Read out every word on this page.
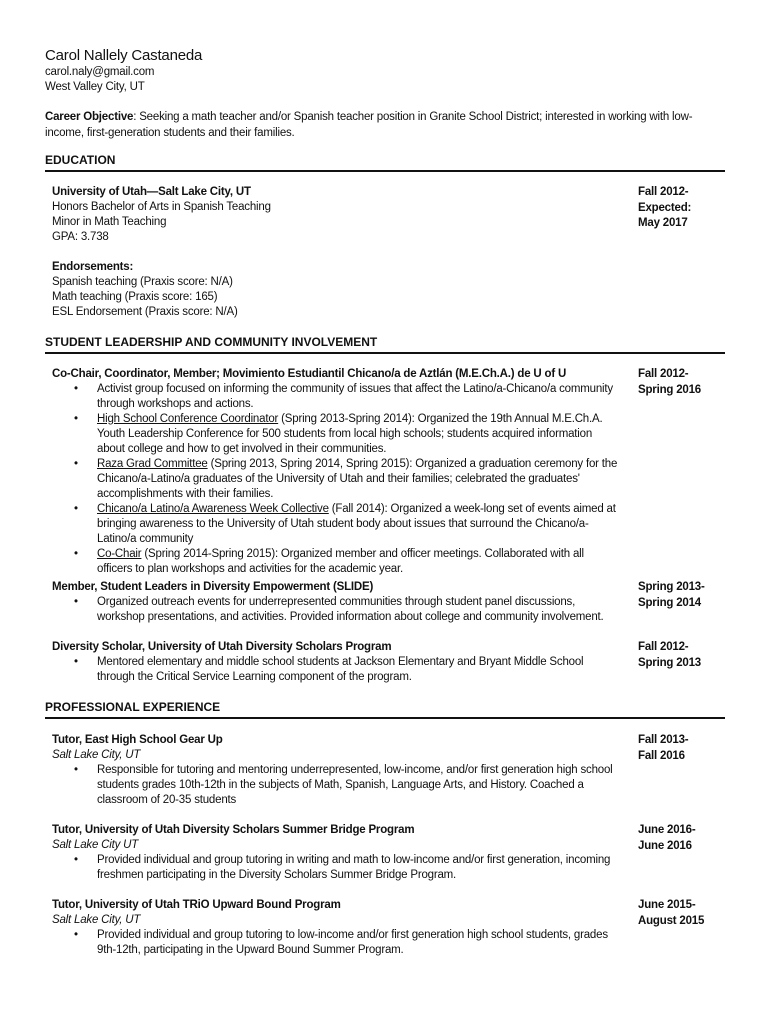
Carol Nallely Castaneda
carol.naly@gmail.com
West Valley City, UT
Career Objective: Seeking a math teacher and/or Spanish teacher position in Granite School District; interested in working with low-income, first-generation students and their families.
EDUCATION
University of Utah—Salt Lake City, UT
Honors Bachelor of Arts in Spanish Teaching
Minor in Math Teaching
GPA: 3.738
Endorsements:
Spanish teaching (Praxis score: N/A)
Math teaching (Praxis score: 165)
ESL Endorsement (Praxis score: N/A)
Fall 2012-
Expected:
May 2017
STUDENT LEADERSHIP AND COMMUNITY INVOLVEMENT
Co-Chair, Coordinator, Member; Movimiento Estudiantil Chicano/a de Aztlán (M.E.Ch.A.) de U of U
• Activist group focused on informing the community of issues that affect the Latino/a-Chicano/a community through workshops and actions.
• High School Conference Coordinator (Spring 2013-Spring 2014): Organized the 19th Annual M.E.Ch.A. Youth Leadership Conference for 500 students from local high schools; students acquired information about college and how to get involved in their communities.
• Raza Grad Committee (Spring 2013, Spring 2014, Spring 2015): Organized a graduation ceremony for the Chicano/a-Latino/a graduates of the University of Utah and their families; celebrated the graduates' accomplishments with their families.
• Chicano/a Latino/a Awareness Week Collective (Fall 2014): Organized a week-long set of events aimed at bringing awareness to the University of Utah student body about issues that surround the Chicano/a-Latino/a community
• Co-Chair (Spring 2014-Spring 2015): Organized member and officer meetings. Collaborated with all officers to plan workshops and activities for the academic year.
Fall 2012-
Spring 2016
Member, Student Leaders in Diversity Empowerment (SLIDE)
• Organized outreach events for underrepresented communities through student panel discussions, workshop presentations, and activities. Provided information about college and community involvement.
Spring 2013-
Spring 2014
Diversity Scholar, University of Utah Diversity Scholars Program
• Mentored elementary and middle school students at Jackson Elementary and Bryant Middle School through the Critical Service Learning component of the program.
Fall 2012-
Spring 2013
PROFESSIONAL EXPERIENCE
Tutor, East High School Gear Up
Salt Lake City, UT
• Responsible for tutoring and mentoring underrepresented, low-income, and/or first generation high school students grades 10th-12th in the subjects of Math, Spanish, Language Arts, and History. Coached a classroom of 20-35 students
Fall 2013-
Fall 2016
Tutor, University of Utah Diversity Scholars Summer Bridge Program
Salt Lake City UT
• Provided individual and group tutoring in writing and math to low-income and/or first generation, incoming freshmen participating in the Diversity Scholars Summer Bridge Program.
June 2016-
June 2016
Tutor, University of Utah TRiO Upward Bound Program
Salt Lake City, UT
• Provided individual and group tutoring to low-income and/or first generation high school students, grades 9th-12th, participating in the Upward Bound Summer Program.
June 2015-
August 2015
